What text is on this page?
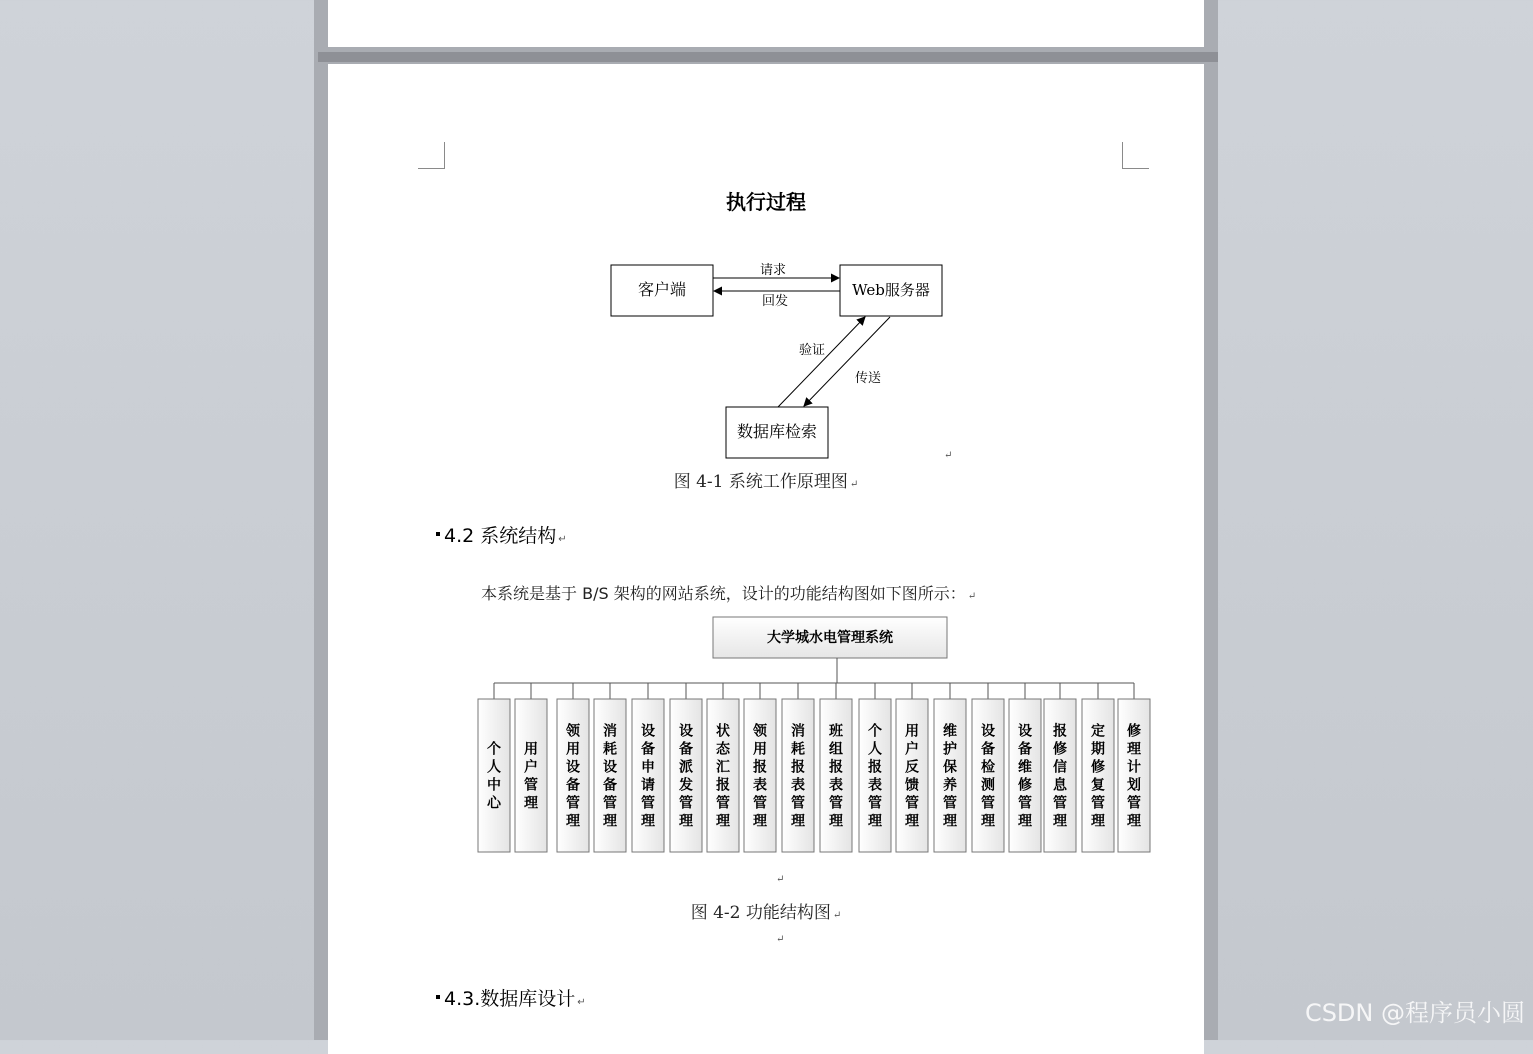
执行过程
客户端	Web服务器
数据库检索
请求
回发
验证
传送
↵
图 4-1 系统工作原理图 ↵
4.2 系统结构 ↵
本系统是基于 B/S 架构的网站系统，设计的功能结构图如下图所示： ↵
大学城水电管理系统
个人中心
用户管理
领用设备管理
消耗设备管理
设备申请管理
设备派发管理
状态汇报管理
领用报表管理
消耗报表管理
班组报表管理
个人报表管理
用户反馈管理
维护保养管理
设备检测管理
设备维修管理
报修信息管理
定期修复管理
修理计划管理
↵
图 4-2 功能结构图 ↵
↵
4.3.数据库设计 ↵	CSDN @程序员小圆
